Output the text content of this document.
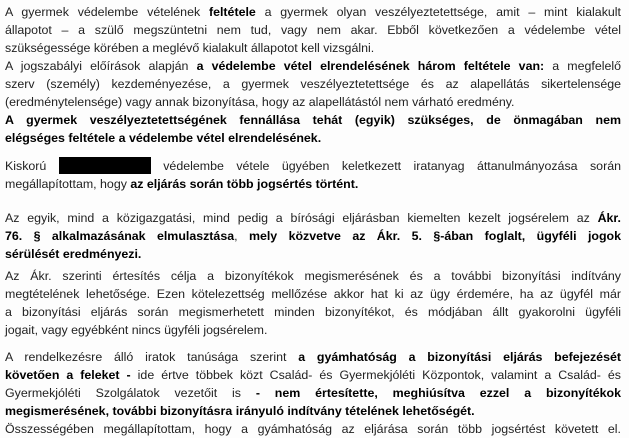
A gyermek védelembe vételének feltétele a gyermek olyan veszélyeztetettsége, amit – mint kialakult
állapotot – a szülő megszüntetni nem tud, vagy nem akar. Ebből következően a védelembe vétel
szükségessége körében a meglévő kialakult állapotot kell vizsgálni.
A jogszabályi előírások alapján a védelembe vétel elrendelésének három feltétele van: a megfelelő
szerv (személy) kezdeményezése, a gyermek veszélyeztetettsége és az alapellátás sikertelensége
(eredménytelensége) vagy annak bizonyítása, hogy az alapellátástól nem várható eredmény.
A gyermek veszélyeztetettségének fennállása tehát (egyik) szükséges, de önmagában nem
elégséges feltétele a védelembe vétel elrendelésének.
Kiskorú	védelembe vétele ügyében keletkezett iratanyag áttanulmányozása során
megállapítottam, hogy az eljárás során több jogsértés történt.
Az egyik, mind a közigazgatási, mind pedig a bírósági eljárásban kiemelten kezelt jogsérelem az Ákr.
76. § alkalmazásának elmulasztása, mely közvetve az Ákr. 5. §-ában foglalt, ügyféli jogok
sérülését eredményezi.
Az Ákr. szerinti értesítés célja a bizonyítékok megismerésének és a további bizonyítási indítvány
megtételének lehetősége. Ezen kötelezettség mellőzése akkor hat ki az ügy érdemére, ha az ügyfél már
a bizonyítási eljárás során megismerhetett minden bizonyítékot, és módjában állt gyakorolni ügyféli
jogait, vagy egyébként nincs ügyféli jogsérelem.
A rendelkezésre álló iratok tanúsága szerint a gyámhatóság a bizonyítási eljárás befejezését
követően a feleket - ide értve többek közt Család- és Gyermekjóléti Központok, valamint a Család- és
Gyermekjóléti Szolgálatok vezetőit is - nem értesítette, meghiúsítva ezzel a bizonyítékok
megismerésének, további bizonyításra irányuló indítvány tételének lehetőségét.
Összességében megállapítottam, hogy a gyámhatóság az eljárása során több jogsértést követett el.
